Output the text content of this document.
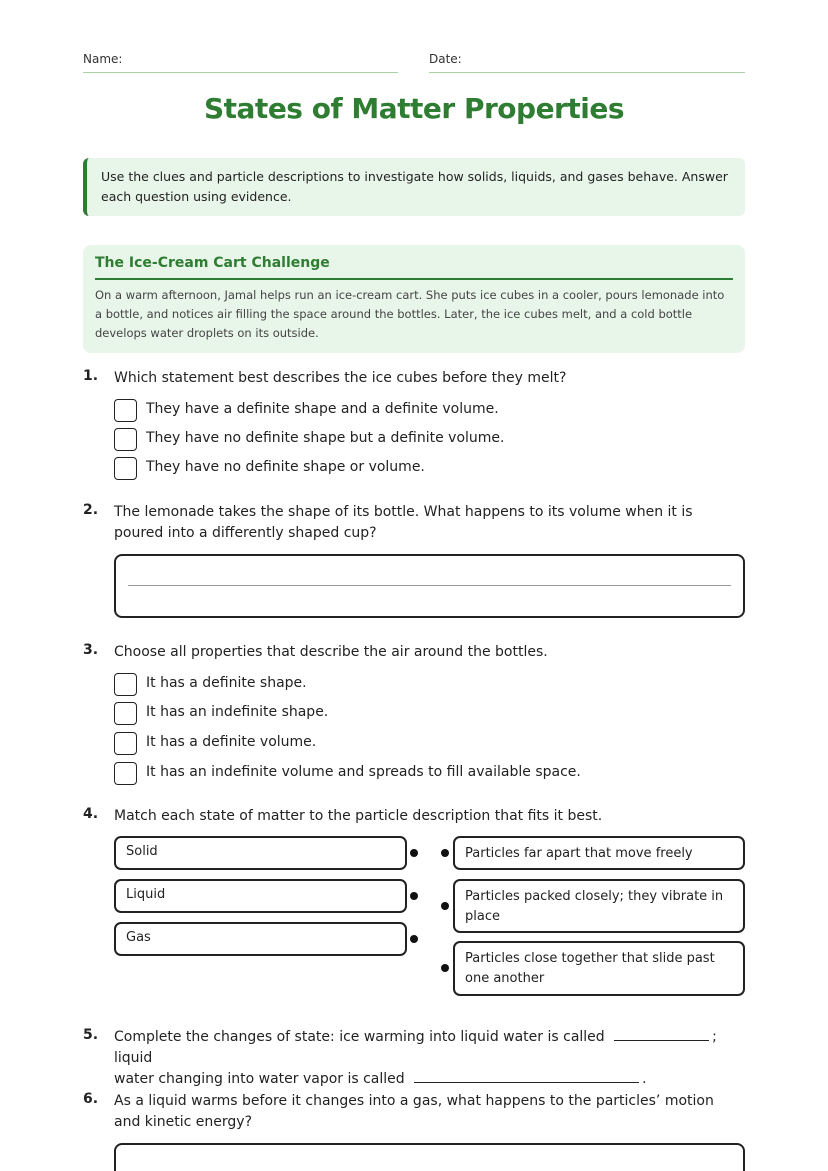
Name:	Date:
States of Matter Properties
Use the clues and particle descriptions to investigate how solids, liquids, and gases behave. Answer each question using evidence.
The Ice-Cream Cart Challenge
On a warm afternoon, Jamal helps run an ice-cream cart. She puts ice cubes in a cooler, pours lemonade into a bottle, and notices air filling the space around the bottles. Later, the ice cubes melt, and a cold bottle develops water droplets on its outside.
1. Which statement best describes the ice cubes before they melt?
They have a definite shape and a definite volume.
They have no definite shape but a definite volume.
They have no definite shape or volume.
2. The lemonade takes the shape of its bottle. What happens to its volume when it is poured into a differently shaped cup?
3. Choose all properties that describe the air around the bottles.
It has a definite shape.
It has an indefinite shape.
It has a definite volume.
It has an indefinite volume and spreads to fill available space.
4. Match each state of matter to the particle description that fits it best.
Solid
Liquid
Gas
Particles far apart that move freely
Particles packed closely; they vibrate in place
Particles close together that slide past one another
5. Complete the changes of state: ice warming into liquid water is called	; liquid
water changing into water vapor is called	.
6. As a liquid warms before it changes into a gas, what happens to the particles’ motion and kinetic energy?
